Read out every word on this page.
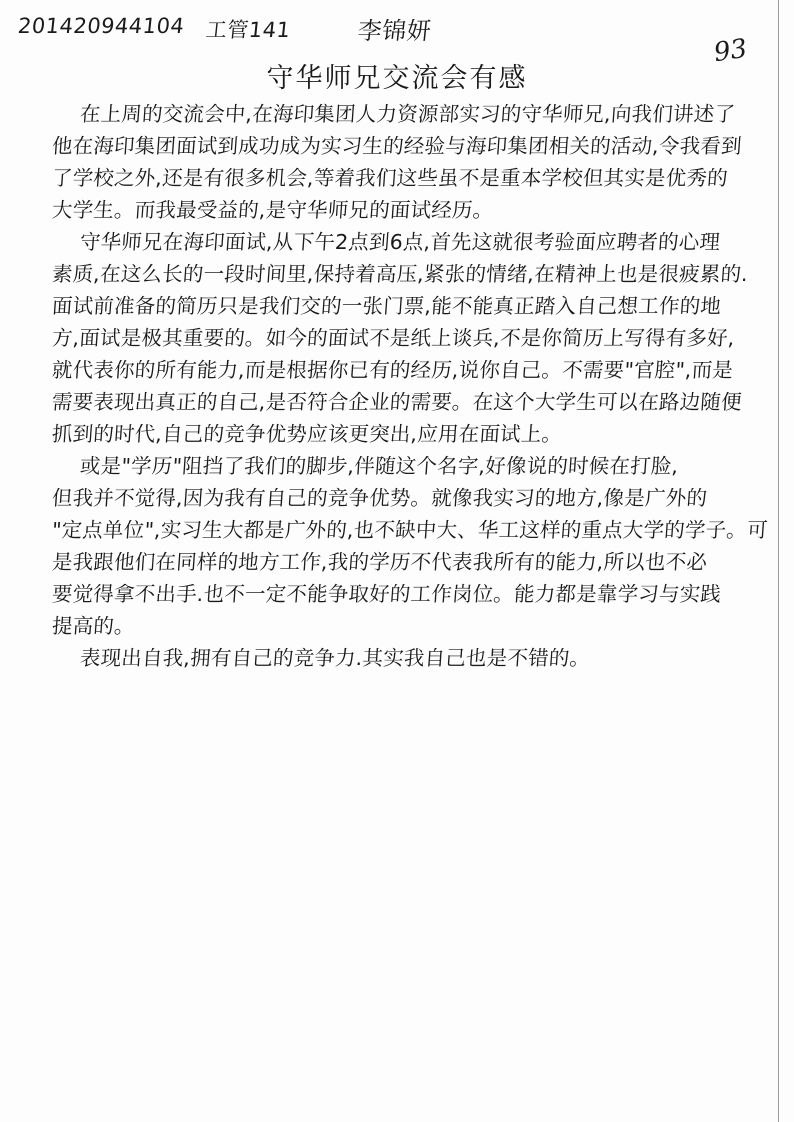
201420944104 工管141	李锦妍
93
守华师兄交流会有感
在上周的交流会中,在海印集团人力资源部实习的守华师兄,向我们讲述了
他在海印集团面试到成功成为实习生的经验与海印集团相关的活动,令我看到
了学校之外,还是有很多机会,等着我们这些虽不是重本学校但其实是优秀的
大学生。而我最受益的,是守华师兄的面试经历。
守华师兄在海印面试,从下午2点到6点,首先这就很考验面应聘者的心理
素质,在这么长的一段时间里,保持着高压,紧张的情绪,在精神上也是很疲累的.
面试前准备的简历只是我们交的一张门票,能不能真正踏入自己想工作的地
方,面试是极其重要的。如今的面试不是纸上谈兵,不是你简历上写得有多好,
就代表你的所有能力,而是根据你已有的经历,说你自己。不需要"官腔",而是
需要表现出真正的自己,是否符合企业的需要。在这个大学生可以在路边随便
抓到的时代,自己的竞争优势应该更突出,应用在面试上。
或是"学历"阻挡了我们的脚步,伴随这个名字,好像说的时候在打脸,
但我并不觉得,因为我有自己的竞争优势。就像我实习的地方,像是广外的
"定点单位",实习生大都是广外的,也不缺中大、华工这样的重点大学的学子。可
是我跟他们在同样的地方工作,我的学历不代表我所有的能力,所以也不必
要觉得拿不出手.也不一定不能争取好的工作岗位。能力都是靠学习与实践
提高的。
表现出自我,拥有自己的竞争力.其实我自己也是不错的。
